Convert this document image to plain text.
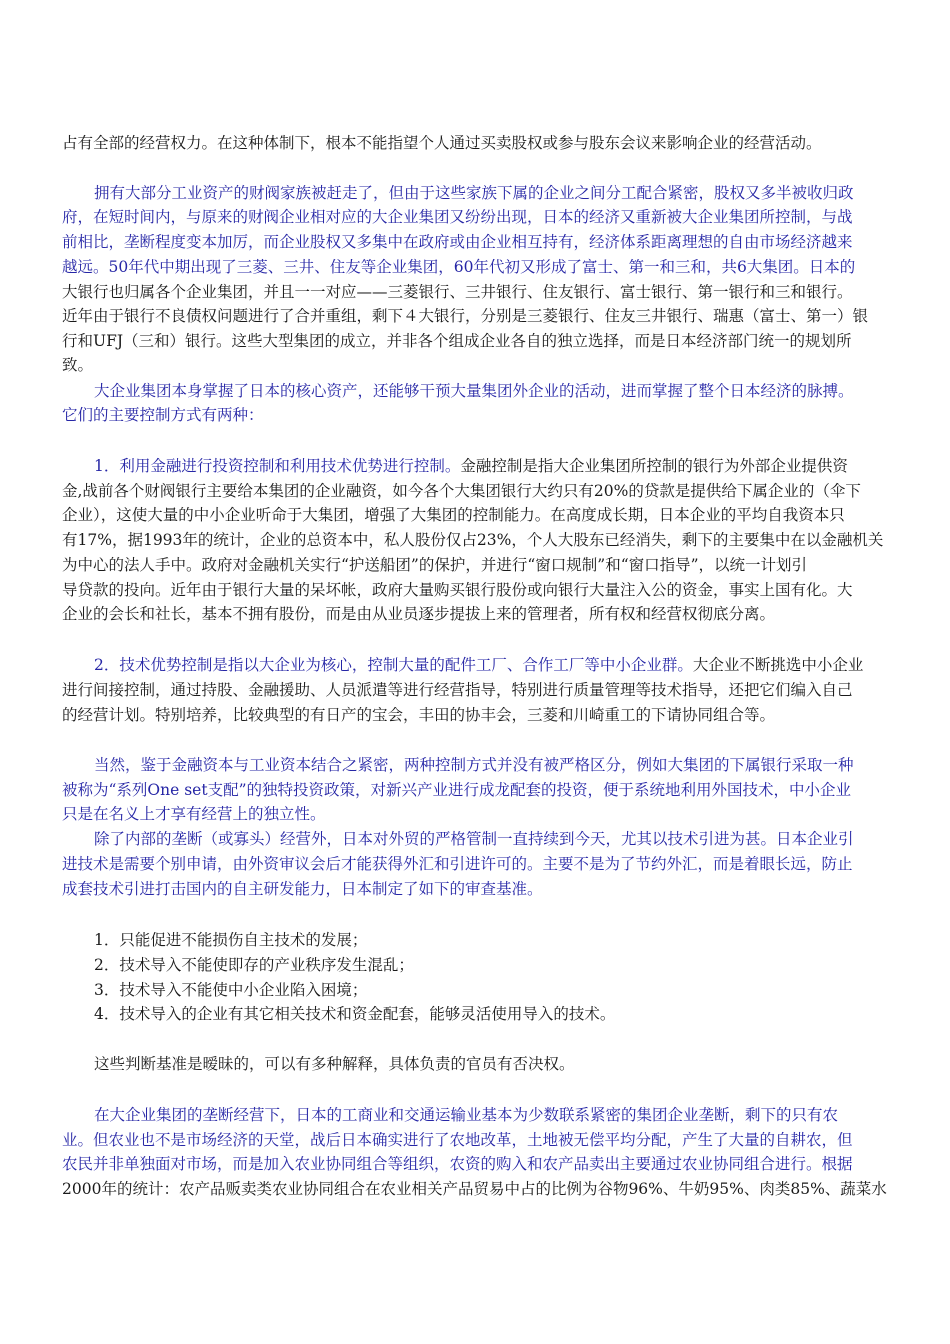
占有全部的经营权力。在这种体制下，根本不能指望个人通过买卖股权或参与股东会议来影响企业的经营活动。
拥有大部分工业资产的财阀家族被赶走了，但由于这些家族下属的企业之间分工配合紧密，股权又多半被收归政
府，在短时间内，与原来的财阀企业相对应的大企业集团又纷纷出现，日本的经济又重新被大企业集团所控制，与战
前相比，垄断程度变本加厉，而企业股权又多集中在政府或由企业相互持有，经济体系距离理想的自由市场经济越来
越远。50年代中期出现了三菱、三井、住友等企业集团，60年代初又形成了富士、第一和三和，共6大集团。日本的
大银行也归属各个企业集团，并且一一对应——三菱银行、三井银行、住友银行、富士银行、第一银行和三和银行。
近年由于银行不良债权问题进行了合并重组，剩下４大银行，分别是三菱银行、住友三井银行、瑞惠（富士、第一）银
行和UFJ（三和）银行。这些大型集团的成立，并非各个组成企业各自的独立选择，而是日本经济部门统一的规划所
致。
大企业集团本身掌握了日本的核心资产，还能够干预大量集团外企业的活动，进而掌握了整个日本经济的脉搏。
它们的主要控制方式有两种：
1．利用金融进行投资控制和利用技术优势进行控制。金融控制是指大企业集团所控制的银行为外部企业提供资
金,战前各个财阀银行主要给本集团的企业融资，如今各个大集团银行大约只有20%的贷款是提供给下属企业的（伞下
企业），这使大量的中小企业听命于大集团，增强了大集团的控制能力。在高度成长期，日本企业的平均自我资本只
有17%，据1993年的统计，企业的总资本中，私人股份仅占23%，个人大股东已经消失，剩下的主要集中在以金融机关
为中心的法人手中。政府对金融机关实行“护送船团”的保护，并进行“窗口规制”和“窗口指导”，以统一计划引
导贷款的投向。近年由于银行大量的呆坏帐，政府大量购买银行股份或向银行大量注入公的资金，事实上国有化。大
企业的会长和社长，基本不拥有股份，而是由从业员逐步提拔上来的管理者，所有权和经营权彻底分离。
2．技术优势控制是指以大企业为核心，控制大量的配件工厂、合作工厂等中小企业群。大企业不断挑选中小企业
进行间接控制，通过持股、金融援助、人员派遣等进行经营指导，特别进行质量管理等技术指导，还把它们编入自己
的经营计划。特别培养，比较典型的有日产的宝会，丰田的协丰会，三菱和川崎重工的下请协同组合等。
当然，鉴于金融资本与工业资本结合之紧密，两种控制方式并没有被严格区分，例如大集团的下属银行采取一种
被称为“系列One set支配”的独特投资政策，对新兴产业进行成龙配套的投资，便于系统地利用外国技术，中小企业
只是在名义上才享有经营上的独立性。
除了内部的垄断（或寡头）经营外，日本对外贸的严格管制一直持续到今天，尤其以技术引进为甚。日本企业引
进技术是需要个别申请，由外资审议会后才能获得外汇和引进许可的。主要不是为了节约外汇，而是着眼长远，防止
成套技术引进打击国内的自主研发能力，日本制定了如下的审查基准。
1．只能促进不能损伤自主技术的发展；
2．技术导入不能使即存的产业秩序发生混乱；
3．技术导入不能使中小企业陷入困境；
4．技术导入的企业有其它相关技术和资金配套，能够灵活使用导入的技术。
这些判断基准是暧昧的，可以有多种解释，具体负责的官员有否决权。
在大企业集团的垄断经营下，日本的工商业和交通运输业基本为少数联系紧密的集团企业垄断，剩下的只有农
业。但农业也不是市场经济的天堂，战后日本确实进行了农地改革，土地被无偿平均分配，产生了大量的自耕农，但
农民并非单独面对市场，而是加入农业协同组合等组织，农资的购入和农产品卖出主要通过农业协同组合进行。根据
2000年的统计：农产品贩卖类农业协同组合在农业相关产品贸易中占的比例为谷物96%、牛奶95%、肉类85%、蔬菜水
